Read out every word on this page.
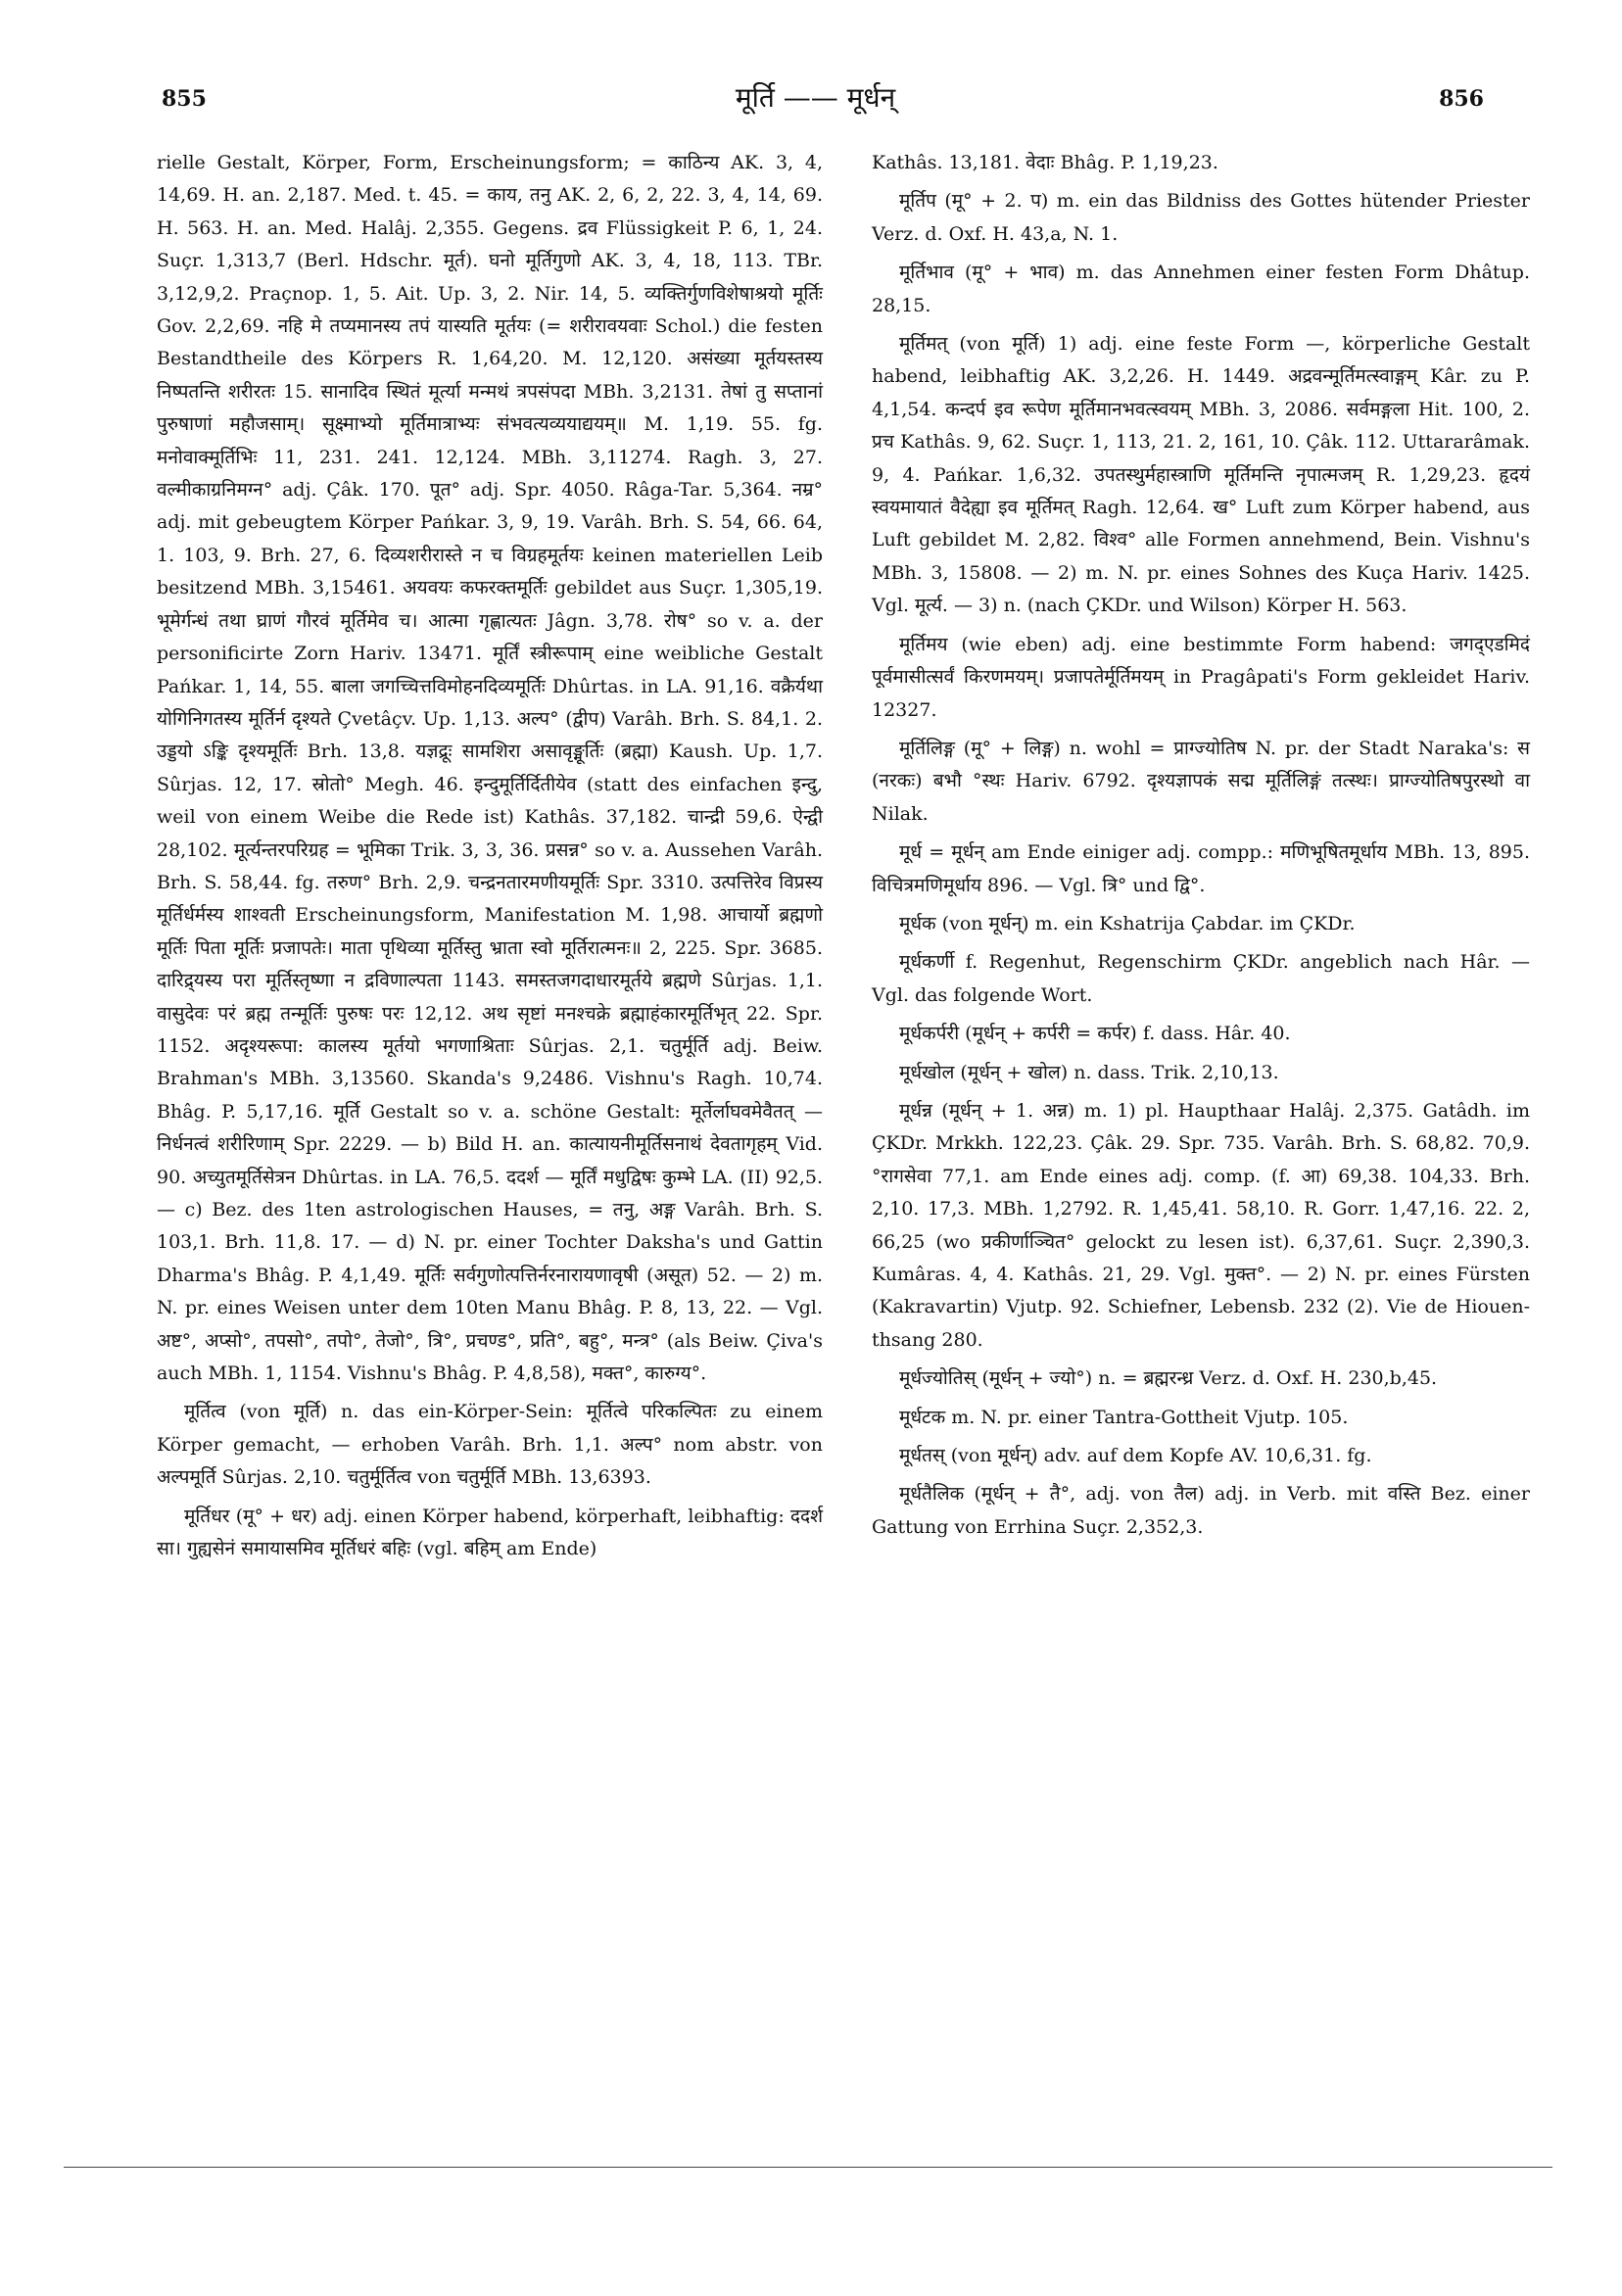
855	मूर्ति —— मूर्धन्	856

rielle Gestalt, Körper, Form, Erscheinungsform; = काठिन्य AK. 3, 4, 14,69. H. an. 2,187. Med. t. 45. = काय, तनु AK. 2, 6, 2, 22. 3, 4, 14, 69. H. 563. H. an. Med. Halâj. 2,355. Gegens. द्रव Flüssigkeit P. 6, 1, 24. Suçr. 1,313,7 (Berl. Hdschr. मूर्त). घनो मूर्तिगुणो AK. 3, 4, 18, 113. TBr. 3,12,9,2. Praçnop. 1, 5. Ait. Up. 3, 2. Nir. 14, 5. व्यक्तिर्गुणविशेषाश्रयो मूर्तिः Gov. 2,2,69. नहि मे तप्यमानस्य तपं यास्यति मूर्तयः (= शरीरावयवाः Schol.) die festen Bestandtheile des Körpers R. 1,64,20. M. 12,120. असंख्या मूर्तयस्तस्य निष्पतन्ति शरीरतः 15. सानादिव स्थितं मूर्त्या मन्मथं त्रपसंपदा MBh. 3,2131. तेषां तु सप्तानां पुरुषाणां महौजसाम्। सूक्ष्माभ्यो मूर्तिमात्राभ्यः संभवत्यव्ययाद्ययम्॥ M. 1,19. 55. fg. मनोवाक्मूर्तिभिः 11, 231. 241. 12,124. MBh. 3,11274. Ragh. 3, 27. वल्मीकाग्रनिमग्न° adj. Çâk. 170. पूत° adj. Spr. 4050. Râga-Tar. 5,364. नम्र° adj. mit gebeugtem Körper Pańkar. 3, 9, 19. Varâh. Brh. S. 54, 66. 64, 1. 103, 9. Brh. 27, 6. दिव्यशरीरास्ते न च विग्रहमूर्तयः keinen materiellen Leib besitzend MBh. 3,15461. अयवयः कफरक्तमूर्तिः gebildet aus Suçr. 1,305,19. भूमेर्गन्धं तथा घ्राणं गौरवं मूर्तिमेव च। आत्मा गृह्णात्यतः Jâgn. 3,78. रोष° so v. a. der personificirte Zorn Hariv. 13471. मूर्तिं स्त्रीरूपाम् eine weibliche Gestalt Pańkar. 1, 14, 55. बाला जगच्चित्तविमोहनदिव्यमूर्तिः Dhûrtas. in LA. 91,16. वक्रैर्यथा योगिनिगतस्य मूर्तिर्न दृश्यते Çvetâçv. Up. 1,13. अल्प° (द्वीप) Varâh. Brh. S. 84,1. 2. उड्डयो ऽङ्कि दृश्यमूर्तिः Brh. 13,8. यज्ञद्रूः सामशिरा असावृङ्मूर्तिः (ब्रह्मा) Kaush. Up. 1,7. Sûrjas. 12, 17. स्रोतो° Megh. 46. इन्दुमूर्तिर्दितीयेव (statt des einfachen इन्दु, weil von einem Weibe die Rede ist) Kathâs. 37,182. चान्द्री 59,6. ऐन्द्वी 28,102. मूर्त्यन्तरपरिग्रह = भूमिका Trik. 3, 3, 36. प्रसन्न° so v. a. Aussehen Varâh. Brh. S. 58,44. fg. तरुण° Brh. 2,9. चन्द्रनतारमणीयमूर्तिः Spr. 3310. उत्पत्तिरेव विप्रस्य मूर्तिर्धर्मस्य शाश्वती Erscheinungsform, Manifestation M. 1,98. आचार्यो ब्रह्मणो मूर्तिः पिता मूर्तिः प्रजापतेः। माता पृथिव्या मूर्तिस्तु भ्राता स्वो मूर्तिरात्मनः॥ 2, 225. Spr. 3685. दारिद्र्यस्य परा मूर्तिस्तृष्णा न द्रविणाल्पता 1143. समस्तजगदाधारमूर्तये ब्रह्मणे Sûrjas. 1,1. वासुदेवः परं ब्रह्म तन्मूर्तिः पुरुषः परः 12,12. अथ सृष्टां मनश्चक्रे ब्रह्माहंकारमूर्तिभृत् 22. Spr. 1152. अदृश्यरूपा: कालस्य मूर्तयो भगणाश्रिताः Sûrjas. 2,1. चतुर्मूर्ति adj. Beiw. Brahman's MBh. 3,13560. Skanda's 9,2486. Vishnu's Ragh. 10,74. Bhâg. P. 5,17,16. मूर्ति Gestalt so v. a. schöne Gestalt: मूर्तेर्लाघवमेवैतत् — निर्धनत्वं शरीरिणाम् Spr. 2229. — b) Bild H. an. कात्यायनीमूर्तिसनाथं देवतागृहम् Vid. 90. अच्युतमूर्तिसेत्रन Dhûrtas. in LA. 76,5. ददर्श — मूर्तिं मधुद्विषः कुम्भे LA. (II) 92,5. — c) Bez. des 1ten astrologischen Hauses, = तनु, अङ्ग Varâh. Brh. S. 103,1. Brh. 11,8. 17. — d) N. pr. einer Tochter Daksha's und Gattin Dharma's Bhâg. P. 4,1,49. मूर्तिः सर्वगुणोत्पत्तिर्नरनारायणावृषी (असूत) 52. — 2) m. N. pr. eines Weisen unter dem 10ten Manu Bhâg. P. 8, 13, 22. — Vgl. अष्ट°, अप्सो°, तपसो°, तपो°, तेजो°, त्रि°, प्रचण्ड°, प्रति°, बहु°, मन्त्र° (als Beiw. Çiva's auch MBh. 1, 1154. Vishnu's Bhâg. P. 4,8,58), मक्त°, कारुग्य°.

मूर्तित्व (von मूर्ति) n. das ein-Körper-Sein: मूर्तित्वे परिकल्पितः zu einem Körper gemacht, — erhoben Varâh. Brh. 1,1. अल्प° nom abstr. von अल्पमूर्ति Sûrjas. 2,10. चतुर्मूर्तित्व von चतुर्मूर्ति MBh. 13,6393.

मूर्तिधर (मू° + धर) adj. einen Körper habend, körperhaft, leibhaftig: ददर्श सा। गुह्यसेनं समायासमिव मूर्तिधरं बहिः (vgl. बहिम् am Ende)

Kathâs. 13,181. वेदाः Bhâg. P. 1,19,23.

मूर्तिप (मू° + 2. प) m. ein das Bildniss des Gottes hütender Priester Verz. d. Oxf. H. 43,a, N. 1.

मूर्तिभाव (मू° + भाव) m. das Annehmen einer festen Form Dhâtup. 28,15.

मूर्तिमत् (von मूर्ति) 1) adj. eine feste Form —, körperliche Gestalt habend, leibhaftig AK. 3,2,26. H. 1449. अद्रवन्मूर्तिमत्स्वाङ्गम् Kâr. zu P. 4,1,54. कन्दर्प इव रूपेण मूर्तिमानभवत्स्वयम् MBh. 3, 2086. सर्वमङ्गला Hit. 100, 2. प्रच Kathâs. 9, 62. Suçr. 1, 113, 21. 2, 161, 10. Çâk. 112. Uttararâmak. 9, 4. Pańkar. 1,6,32. उपतस्थुर्महास्त्राणि मूर्तिमन्ति नृपात्मजम् R. 1,29,23. हृदयं स्वयमायातं वैदेह्या इव मूर्तिमत् Ragh. 12,64. ख° Luft zum Körper habend, aus Luft gebildet M. 2,82. विश्व° alle Formen annehmend, Bein. Vishnu's MBh. 3, 15808. — 2) m. N. pr. eines Sohnes des Kuça Hariv. 1425. Vgl. मूर्त्य. — 3) n. (nach ÇKDr. und Wilson) Körper H. 563.

मूर्तिमय (wie eben) adj. eine bestimmte Form habend: जगद्एडमिदं पूर्वमासीत्सर्वं किरणमयम्। प्रजापतेर्मूर्तिमयम् in Pragâpati's Form gekleidet Hariv. 12327.

मूर्तिलिङ्ग (मू° + लिङ्ग) n. wohl = प्राग्ज्योतिष N. pr. der Stadt Naraka's: स (नरकः) बभौ °स्थः Hariv. 6792. दृश्यज्ञापकं सद्म मूर्तिलिङ्गं तत्स्थः। प्राग्ज्योतिषपुरस्थो वा Nilak.

मूर्ध = मूर्धन् am Ende einiger adj. compp.: मणिभूषितमूर्धाय MBh. 13, 895. विचित्रमणिमूर्धाय 896. — Vgl. त्रि° und द्वि°.

मूर्धक (von मूर्धन्) m. ein Kshatrija Çabdar. im ÇKDr.

मूर्धकर्णी f. Regenhut, Regenschirm ÇKDr. angeblich nach Hâr. — Vgl. das folgende Wort.

मूर्धकर्परी (मूर्धन् + कर्परी = कर्पर) f. dass. Hâr. 40.

मूर्धखोल (मूर्धन् + खोल) n. dass. Trik. 2,10,13.

मूर्धन्न (मूर्धन् + 1. अन्न) m. 1) pl. Haupthaar Halâj. 2,375. Gatâdh. im ÇKDr. Mrkkh. 122,23. Çâk. 29. Spr. 735. Varâh. Brh. S. 68,82. 70,9. °रागसेवा 77,1. am Ende eines adj. comp. (f. आ) 69,38. 104,33. Brh. 2,10. 17,3. MBh. 1,2792. R. 1,45,41. 58,10. R. Gorr. 1,47,16. 22. 2, 66,25 (wo प्रकीर्णाञ्चित° gelockt zu lesen ist). 6,37,61. Suçr. 2,390,3. Kumâras. 4, 4. Kathâs. 21, 29. Vgl. मुक्त°. — 2) N. pr. eines Fürsten (Kakravartin) Vjutp. 92. Schiefner, Lebensb. 232 (2). Vie de Hiouen-thsang 280.

मूर्धज्योतिस् (मूर्धन् + ज्यो°) n. = ब्रह्मरन्ध्र Verz. d. Oxf. H. 230,b,45.

मूर्धटक m. N. pr. einer Tantra-Gottheit Vjutp. 105.

मूर्धतस् (von मूर्धन्) adv. auf dem Kopfe AV. 10,6,31. fg.

मूर्धतैलिक (मूर्धन् + तै°, adj. von तैल) adj. in Verb. mit वस्ति Bez. einer Gattung von Errhina Suçr. 2,352,3.
